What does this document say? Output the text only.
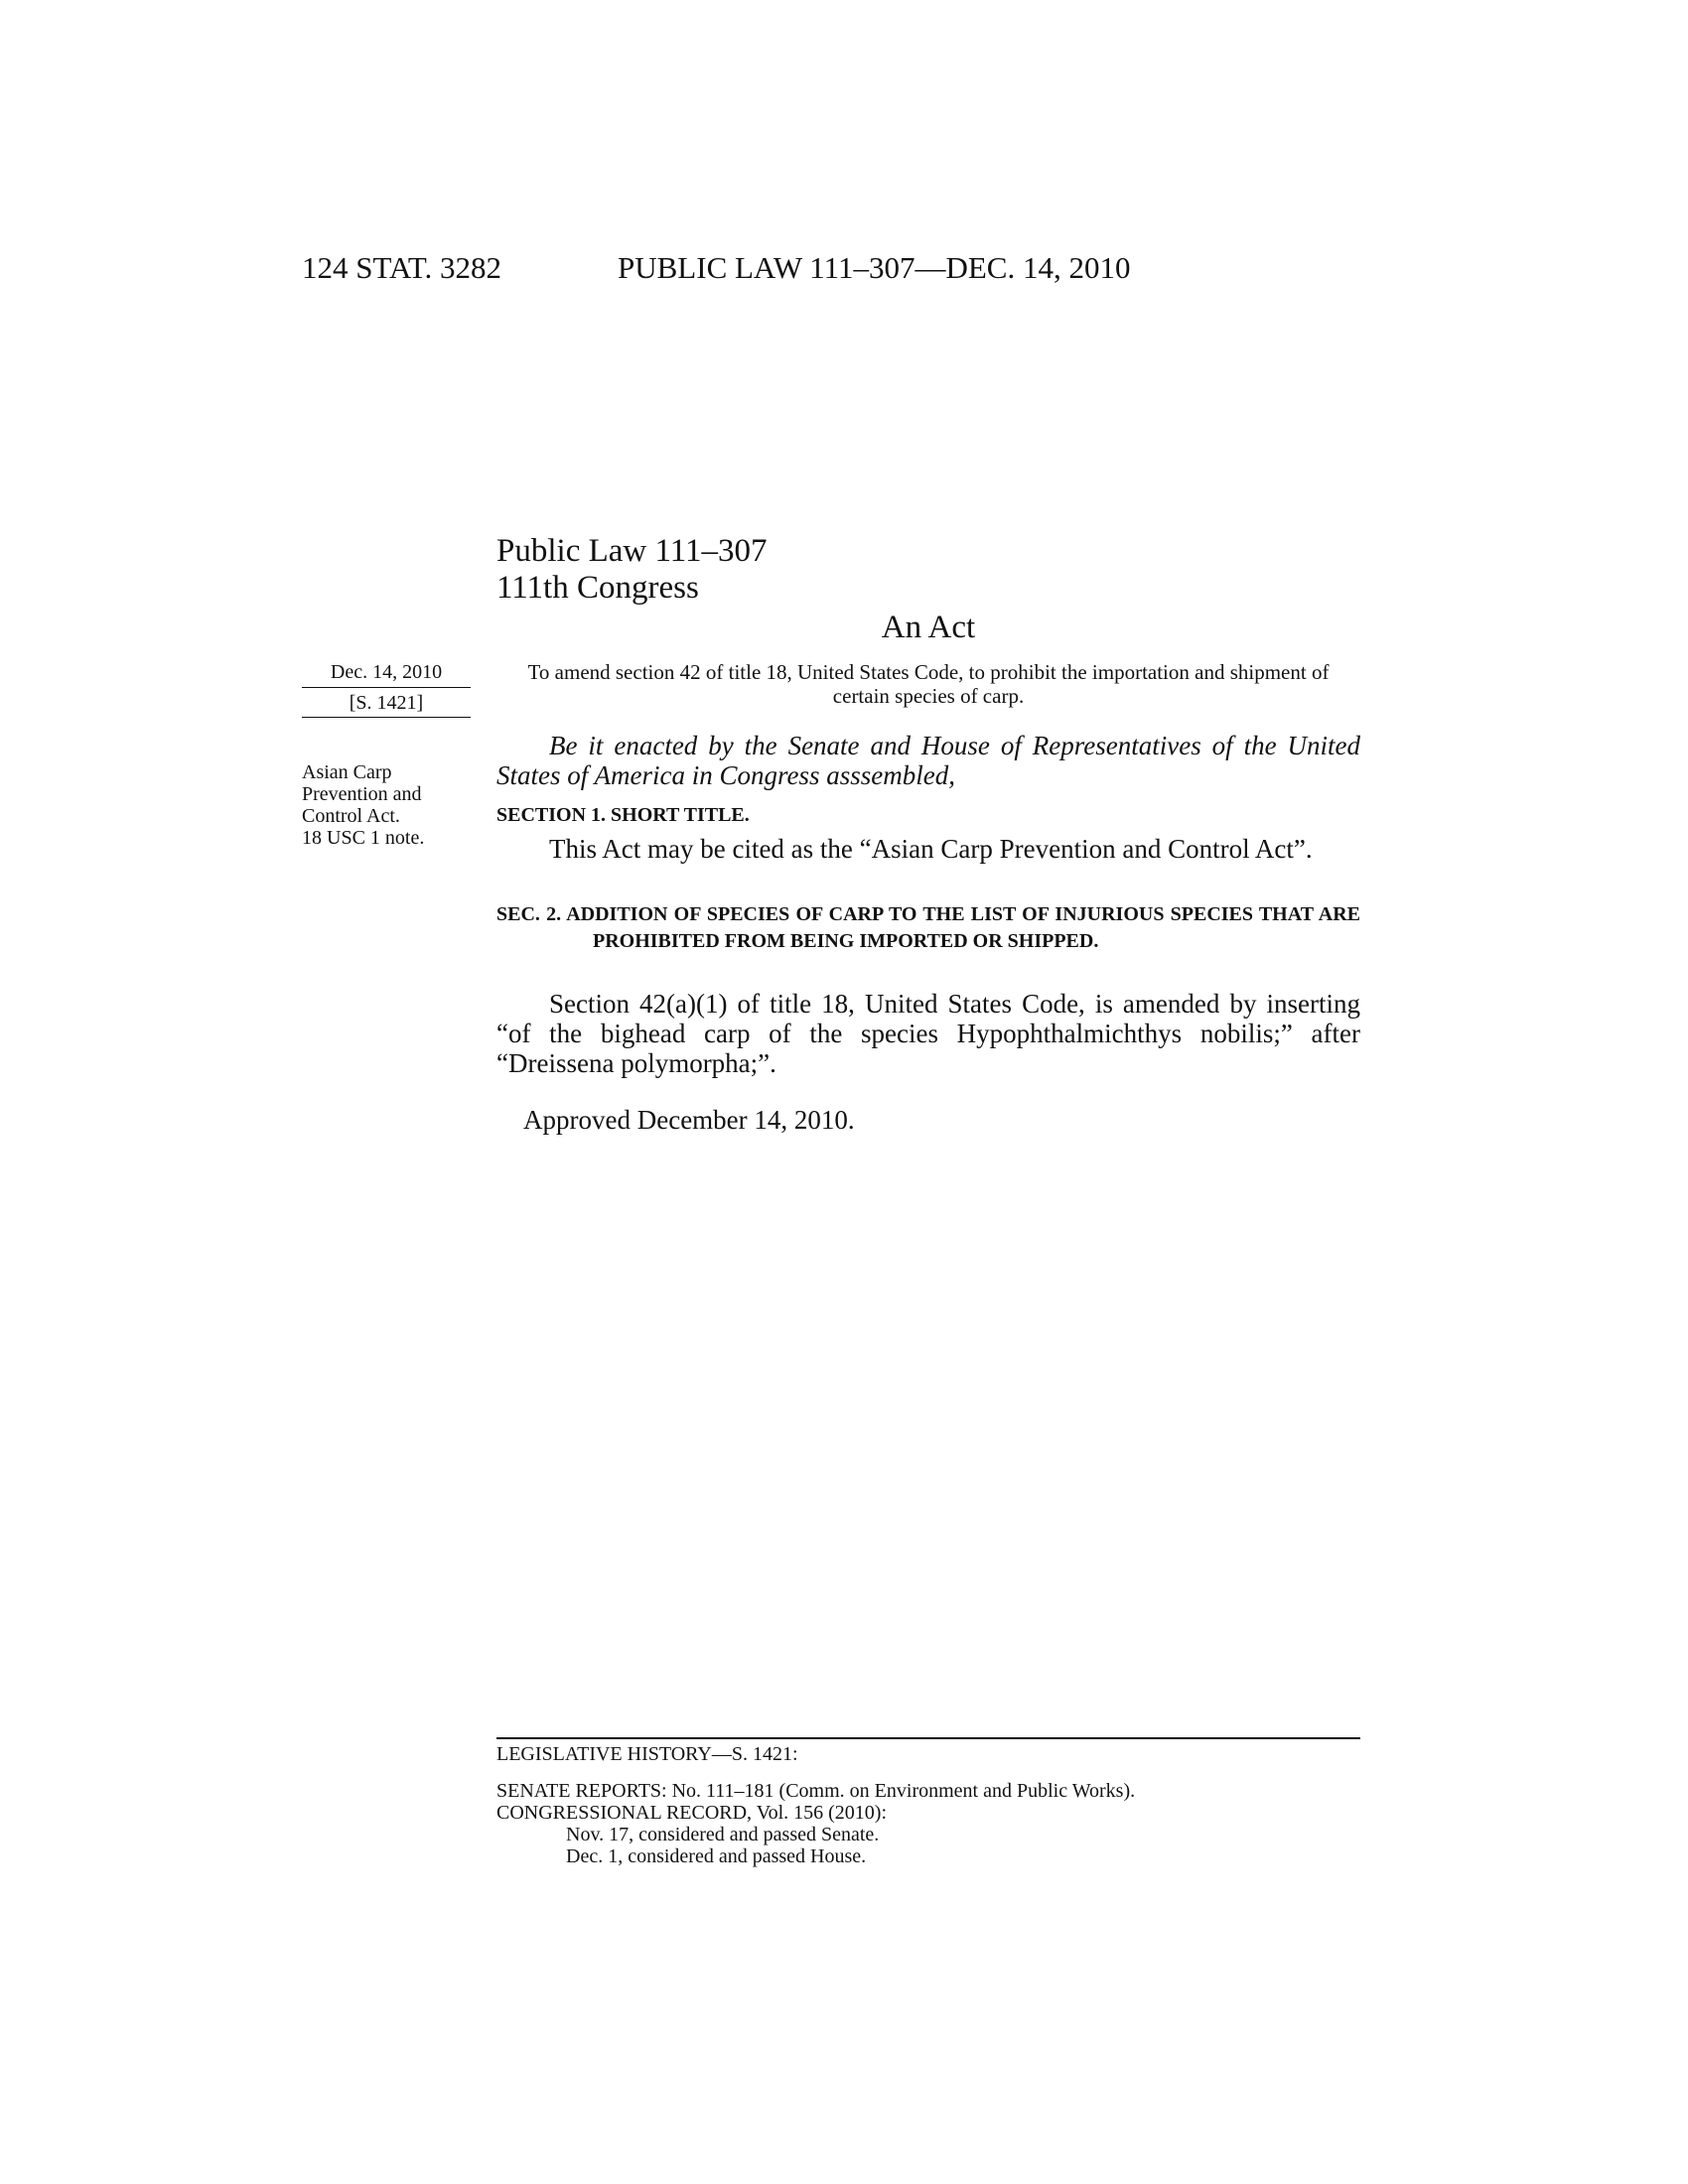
124 STAT. 3282	PUBLIC LAW 111–307—DEC. 14, 2010
Public Law 111–307
111th Congress
An Act
Dec. 14, 2010
[S. 1421]
Asian Carp
Prevention and
Control Act.
18 USC 1 note.
To amend section 42 of title 18, United States Code, to prohibit the importation and shipment of certain species of carp.
Be it enacted by the Senate and House of Representatives of the United States of America in Congress asssembled,
SECTION 1. SHORT TITLE.
This Act may be cited as the “Asian Carp Prevention and Control Act”.
SEC. 2. ADDITION OF SPECIES OF CARP TO THE LIST OF INJURIOUS SPECIES THAT ARE PROHIBITED FROM BEING IMPORTED OR SHIPPED.
Section 42(a)(1) of title 18, United States Code, is amended by inserting “of the bighead carp of the species Hypophthalmichthys nobilis;” after “Dreissena polymorpha;”.
Approved December 14, 2010.
LEGISLATIVE HISTORY—S. 1421:
SENATE REPORTS: No. 111–181 (Comm. on Environment and Public Works).
CONGRESSIONAL RECORD, Vol. 156 (2010):
Nov. 17, considered and passed Senate.
Dec. 1, considered and passed House.
